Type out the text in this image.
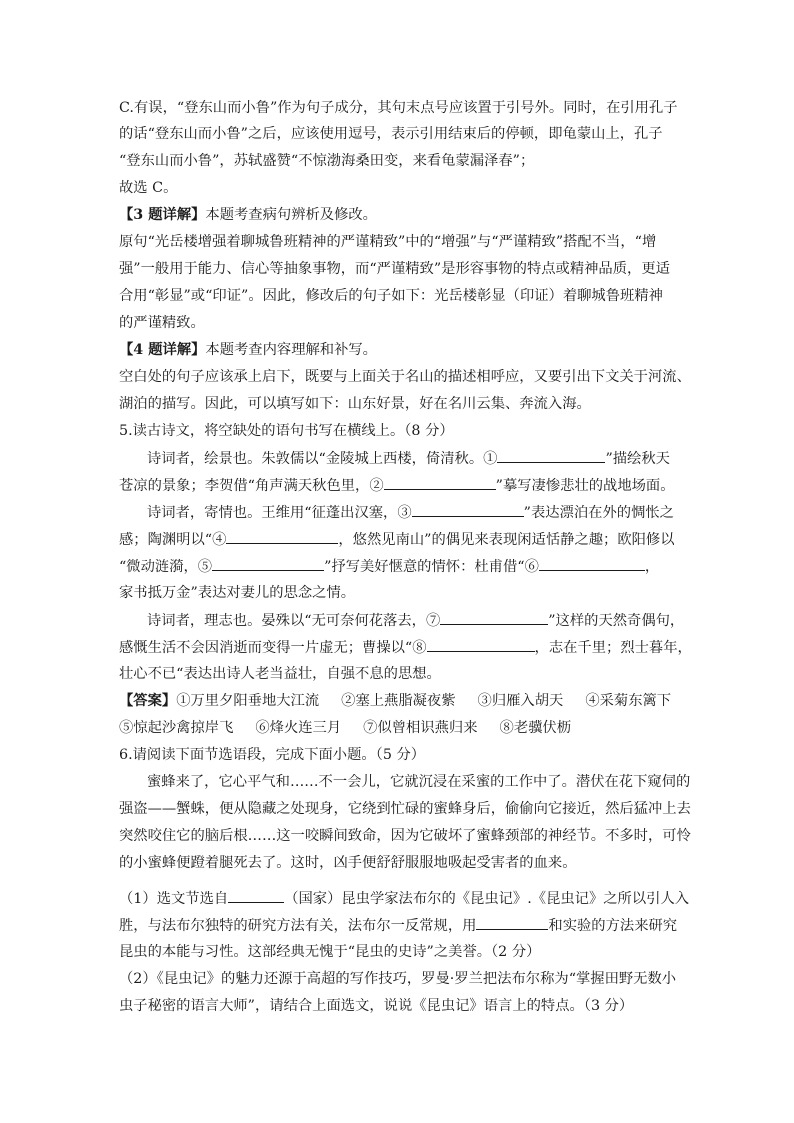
C.有误，“登东山而小鲁”作为句子成分，其句末点号应该置于引号外。同时，在引用孔子
的话“登东山而小鲁”之后，应该使用逗号，表示引用结束后的停顿，即龟蒙山上，孔子
“登东山而小鲁”，苏轼盛赞“不惊渤海桑田变，来看龟蒙漏泽春”；
故选 C。
【3 题详解】本题考查病句辨析及修改。
原句“光岳楼增强着聊城鲁班精神的严谨精致”中的“增强”与“严谨精致”搭配不当，“增
强”一般用于能力、信心等抽象事物，而“严谨精致”是形容事物的特点或精神品质，更适
合用“彰显”或“印证”。因此，修改后的句子如下：光岳楼彰显（印证）着聊城鲁班精神
的严谨精致。
【4 题详解】本题考查内容理解和补写。
空白处的句子应该承上启下，既要与上面关于名山的描述相呼应，又要引出下文关于河流、
湖泊的描写。因此，可以填写如下：山东好景，好在名川云集、奔流入海。
5.读古诗文，将空缺处的语句书写在横线上。（8 分）
诗词者，绘景也。朱敦儒以“金陵城上西楼，倚清秋。①	”描绘秋天
苍凉的景象；李贺借“角声满天秋色里，②	”摹写凄惨悲壮的战地场面。
诗词者，寄情也。王维用“征蓬出汉塞，③	”表达漂泊在外的惆怅之
感；陶渊明以“④	，悠然见南山”的偶见来表现闲适恬静之趣；欧阳修以
“微动涟漪，⑤	”抒写美好惬意的情怀：杜甫借“⑥	，
家书抵万金”表达对妻儿的思念之情。
诗词者，理志也。晏殊以“无可奈何花落去，⑦	”这样的天然奇偶句，
感慨生活不会因消逝而变得一片虚无；曹操以“⑧	，志在千里；烈士暮年，
壮心不已“表达出诗人老当益壮，自强不息的思想。
【答案】①万里夕阳垂地大江流 ②塞上燕脂凝夜紫 ③归雁入胡天 ④采菊东篱下
⑤惊起沙禽掠岸飞 ⑥烽火连三月 ⑦似曾相识燕归来 ⑧老骥伏枥
6.请阅读下面节选语段，完成下面小题。（5 分）
蜜蜂来了，它心平气和……不一会儿，它就沉浸在采蜜的工作中了。潜伏在花下窥伺的
强盗——蟹蛛，便从隐藏之处现身，它绕到忙碌的蜜蜂身后，偷偷向它接近，然后猛冲上去
突然咬住它的脑后根……这一咬瞬间致命，因为它破坏了蜜蜂颈部的神经节。不多时，可怜
的小蜜蜂便蹬着腿死去了。这时，凶手便舒舒服服地吸起受害者的血来。
（1）选文节选自	（国家）昆虫学家法布尔的《昆虫记》.《昆虫记》之所以引人入
胜，与法布尔独特的研究方法有关，法布尔一反常规，用	和实验的方法来研究
昆虫的本能与习性。这部经典无愧于“昆虫的史诗”之美誉。（2 分）
（2）《昆虫记》的魅力还源于高超的写作技巧，罗曼·罗兰把法布尔称为“掌握田野无数小
虫子秘密的语言大师”，请结合上面选文，说说《昆虫记》语言上的特点。（3 分）
